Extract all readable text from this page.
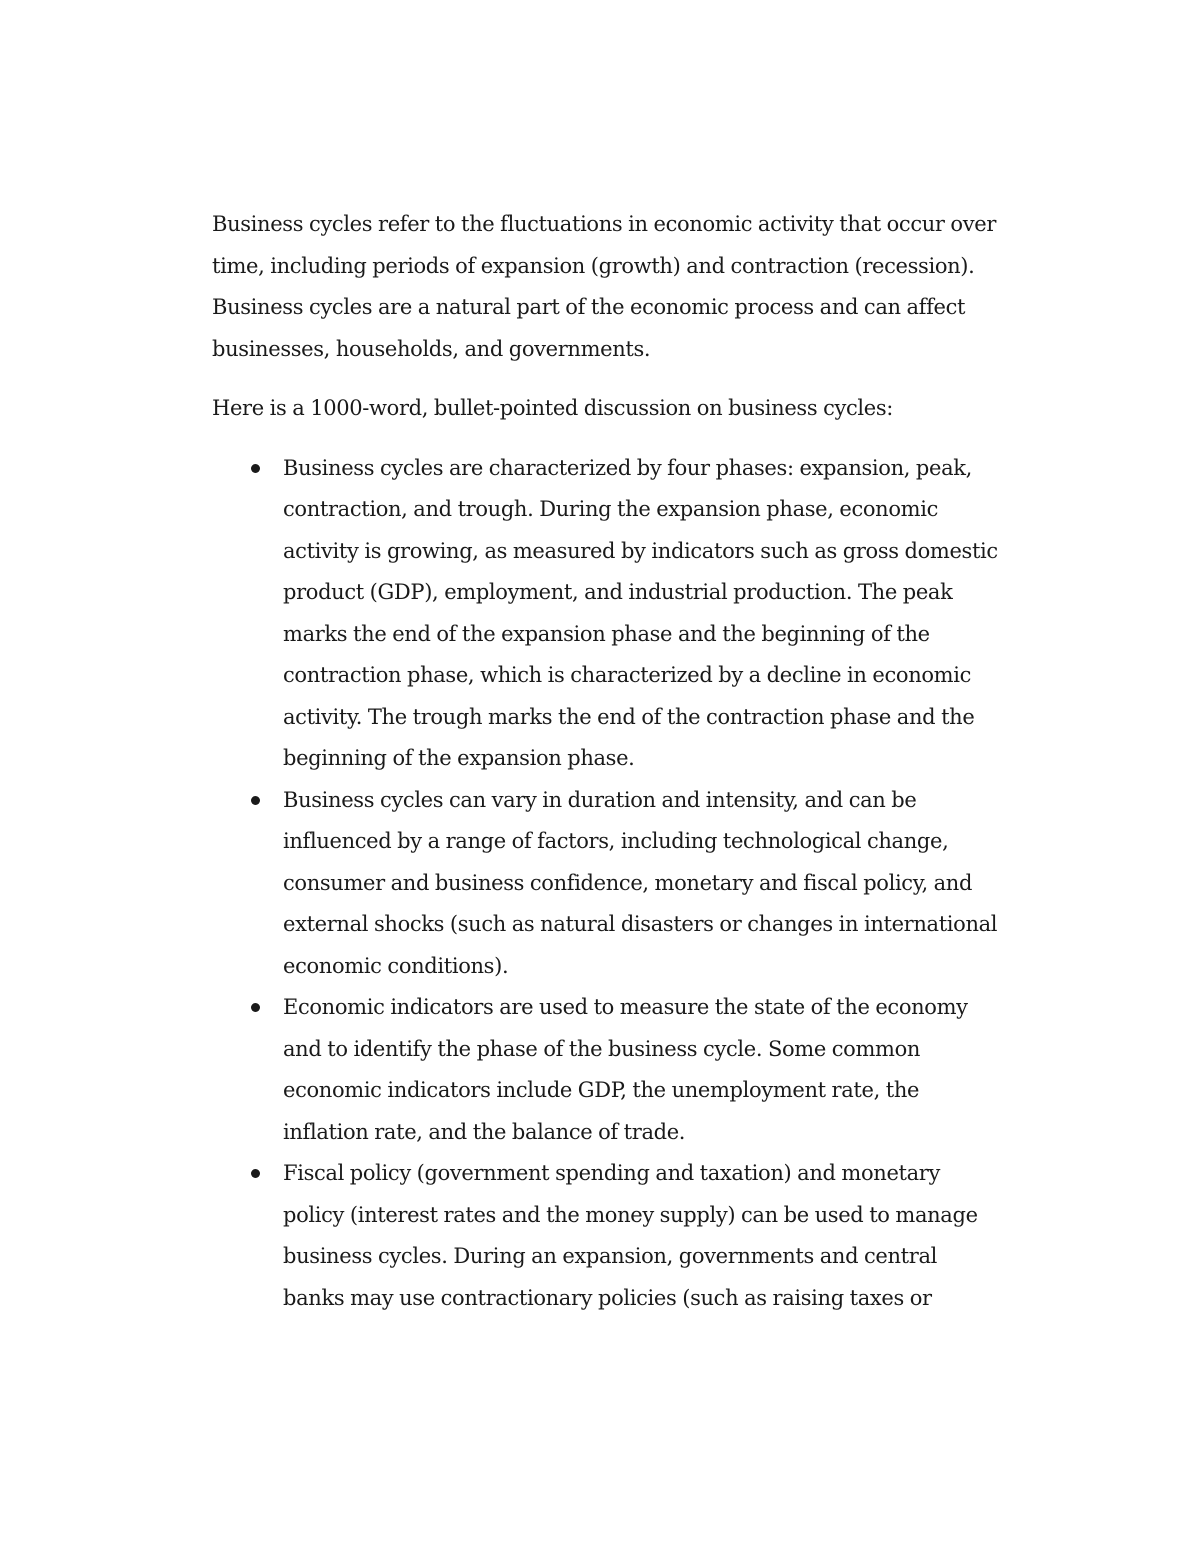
Business cycles refer to the fluctuations in economic activity that occur over time, including periods of expansion (growth) and contraction (recession). Business cycles are a natural part of the economic process and can affect businesses, households, and governments.

Here is a 1000-word, bullet-pointed discussion on business cycles:

Business cycles are characterized by four phases: expansion, peak, contraction, and trough. During the expansion phase, economic activity is growing, as measured by indicators such as gross domestic product (GDP), employment, and industrial production. The peak marks the end of the expansion phase and the beginning of the contraction phase, which is characterized by a decline in economic activity. The trough marks the end of the contraction phase and the beginning of the expansion phase.
Business cycles can vary in duration and intensity, and can be influenced by a range of factors, including technological change, consumer and business confidence, monetary and fiscal policy, and external shocks (such as natural disasters or changes in international economic conditions).
Economic indicators are used to measure the state of the economy and to identify the phase of the business cycle. Some common economic indicators include GDP, the unemployment rate, the inflation rate, and the balance of trade.
Fiscal policy (government spending and taxation) and monetary policy (interest rates and the money supply) can be used to manage business cycles. During an expansion, governments and central banks may use contractionary policies (such as raising taxes or
